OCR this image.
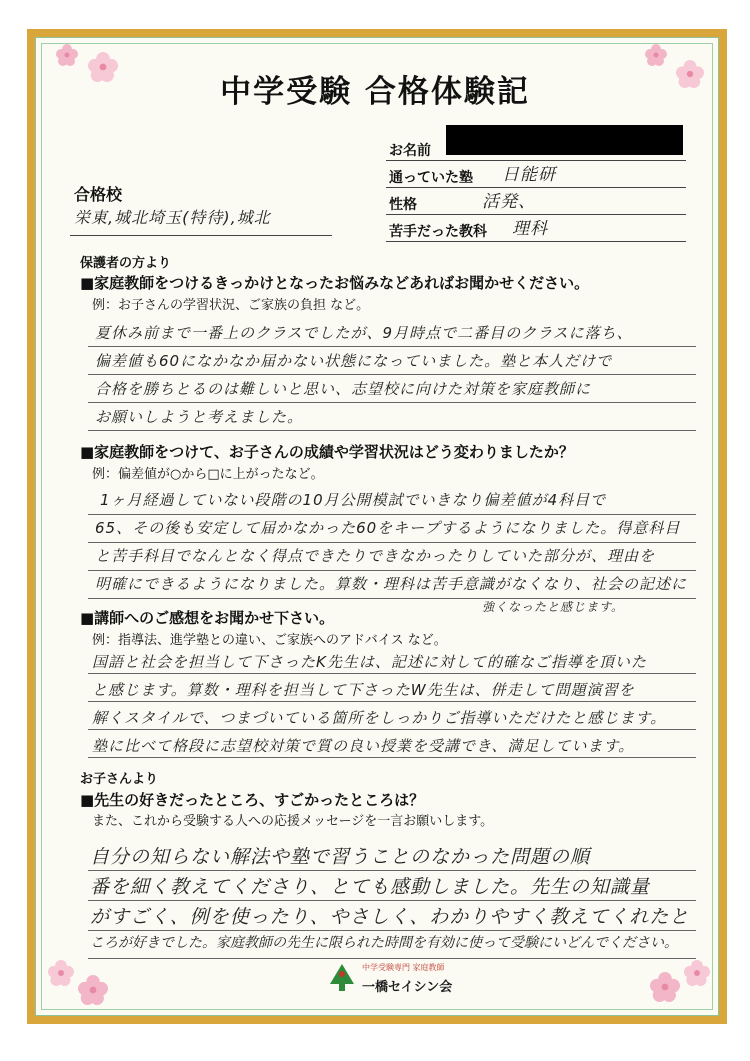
中学受験 合格体験記
お名前
通っていた塾 日能研
性格	活発、
苦手だった教科 理科
合格校
栄東,城北埼玉(特待),城北
保護者の方より
■家庭教師をつけるきっかけとなったお悩みなどあればお聞かせください。
例：お子さんの学習状況、ご家族の負担 など。
夏休み前まで一番上のクラスでしたが、9月時点で二番目のクラスに落ち、
偏差値も60になかなか届かない状態になっていました。塾と本人だけで
合格を勝ちとるのは難しいと思い、志望校に向けた対策を家庭教師に
お願いしようと考えました。
■家庭教師をつけて、お子さんの成績や学習状況はどう変わりましたか？
例：偏差値が○から□に上がったなど。
1ヶ月経過していない段階の10月公開模試でいきなり偏差値が4科目で
65、その後も安定して届かなかった60をキープするようになりました。得意科目
と苦手科目でなんとなく得点できたりできなかったりしていた部分が、理由を
明確にできるようになりました。算数・理科は苦手意識がなくなり、社会の記述に
強くなったと感じます。
■講師へのご感想をお聞かせ下さい。
例：指導法、進学塾との違い、ご家族へのアドバイス など。
国語と社会を担当して下さったK先生は、記述に対して的確なご指導を頂いた
と感じます。算数・理科を担当して下さったW先生は、併走して問題演習を
解くスタイルで、つまづいている箇所をしっかりご指導いただけたと感じます。
塾に比べて格段に志望校対策で質の良い授業を受講でき、満足しています。
お子さんより
■先生の好きだったところ、すごかったところは？
また、これから受験する人への応援メッセージを一言お願いします。
自分の知らない解法や塾で習うことのなかった問題の順
番を細く教えてくださり、とても感動しました。先生の知識量
がすごく、例を使ったり、やさしく、わかりやすく教えてくれたと
ころが好きでした。家庭教師の先生に限られた時間を有効に使って受験にいどんでください。
中学受験専門 家庭教師
一橋セイシン会
